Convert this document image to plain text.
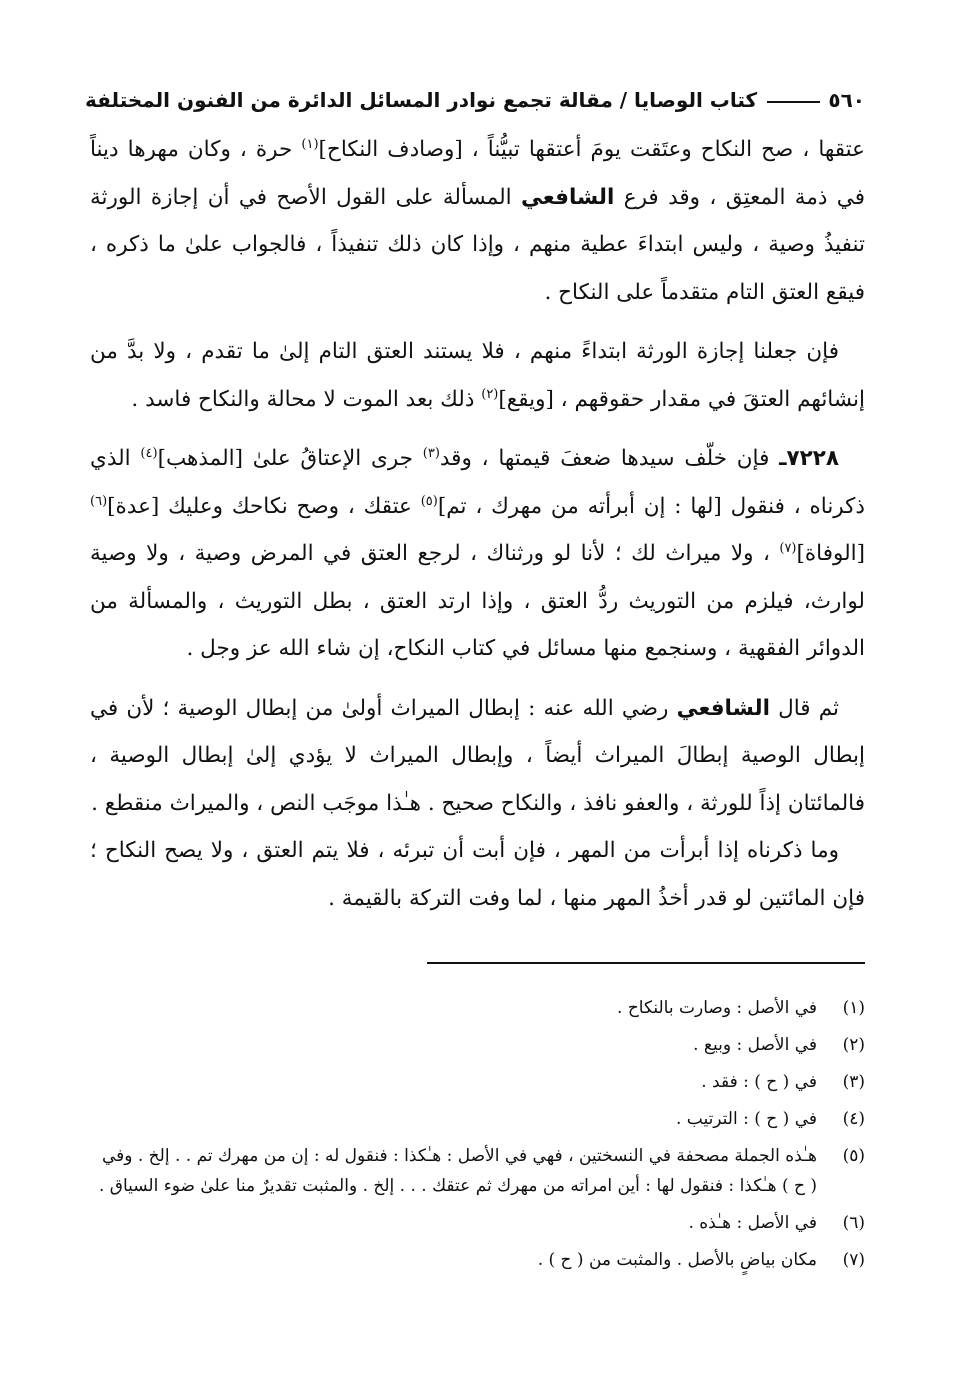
٥٦٠
كتاب الوصايا / مقالة تجمع نوادر المسائل الدائرة من الفنون المختلفة

عتقها ، صح النكاح وعتَقت يومَ أعتقها تبيُّناً ، [وصادف النكاح]$^{(١)}$ حرة ، وكان مهرها ديناً في ذمة المعتِق ، وقد فرع الشافعي المسألة على القول الأصح في أن إجازة الورثة تنفيذُ وصية ، وليس ابتداءَ عطية منهم ، وإذا كان ذلك تنفيذاً ، فالجواب علىٰ ما ذكره ، فيقع العتق التام متقدماً على النكاح .

فإن جعلنا إجازة الورثة ابتداءً منهم ، فلا يستند العتق التام إلىٰ ما تقدم ، ولا بدَّ من إنشائهم العتقَ في مقدار حقوقهم ، [ويقع]$^{(٢)}$ ذلك بعد الموت لا محالة والنكاح فاسد .

٧٢٢٨ـ فإن خلّف سيدها ضعفَ قيمتها ، وقد$^{(٣)}$ جرى الإعتاقُ علىٰ [المذهب]$^{(٤)}$ الذي ذكرناه ، فنقول [لها : إن أبرأته من مهرك ، تم]$^{(٥)}$ عتقك ، وصح نكاحك وعليك [عدة]$^{(٦)}$ [الوفاة]$^{(٧)}$ ، ولا ميراث لك ؛ لأنا لو ورثناك ، لرجع العتق في المرض وصية ، ولا وصية لوارث، فيلزم من التوريث ردُّ العتق ، وإذا ارتد العتق ، بطل التوريث ، والمسألة من الدوائر الفقهية ، وسنجمع منها مسائل في كتاب النكاح، إن شاء الله عز وجل .

ثم قال الشافعي رضي الله عنه : إبطال الميراث أولىٰ من إبطال الوصية ؛ لأن في إبطال الوصية إبطالَ الميراث أيضاً ، وإبطال الميراث لا يؤدي إلىٰ إبطال الوصية ، فالمائتان إذاً للورثة ، والعفو نافذ ، والنكاح صحيح . هـٰذا موجَب النص ، والميراث منقطع .

وما ذكرناه إذا أبرأت من المهر ، فإن أبت أن تبرئه ، فلا يتم العتق ، ولا يصح النكاح ؛ فإن المائتين لو قدر أخذُ المهر منها ، لما وفت التركة بالقيمة .

(١)
في الأصل : وصارت بالنكاح .
(٢)
في الأصل : وبيع .
(٣)
في ( ح ) : فقد .
(٤)
في ( ح ) : الترتيب .
(٥)
هـٰذه الجملة مصحفة في النسختين ، فهي في الأصل : هـٰكذا : فنقول له : إن من مهرك تم . . إلخ . وفي ( ح ) هـٰكذا : فنقول لها : أين امراته من مهرك ثم عتقك . . . إلخ . والمثبت تقديرٌ منا علىٰ ضوء السياق .
(٦)
في الأصل : هـٰذه .
(٧)
مكان بياضٍ بالأصل . والمثبت من ( ح ) .
